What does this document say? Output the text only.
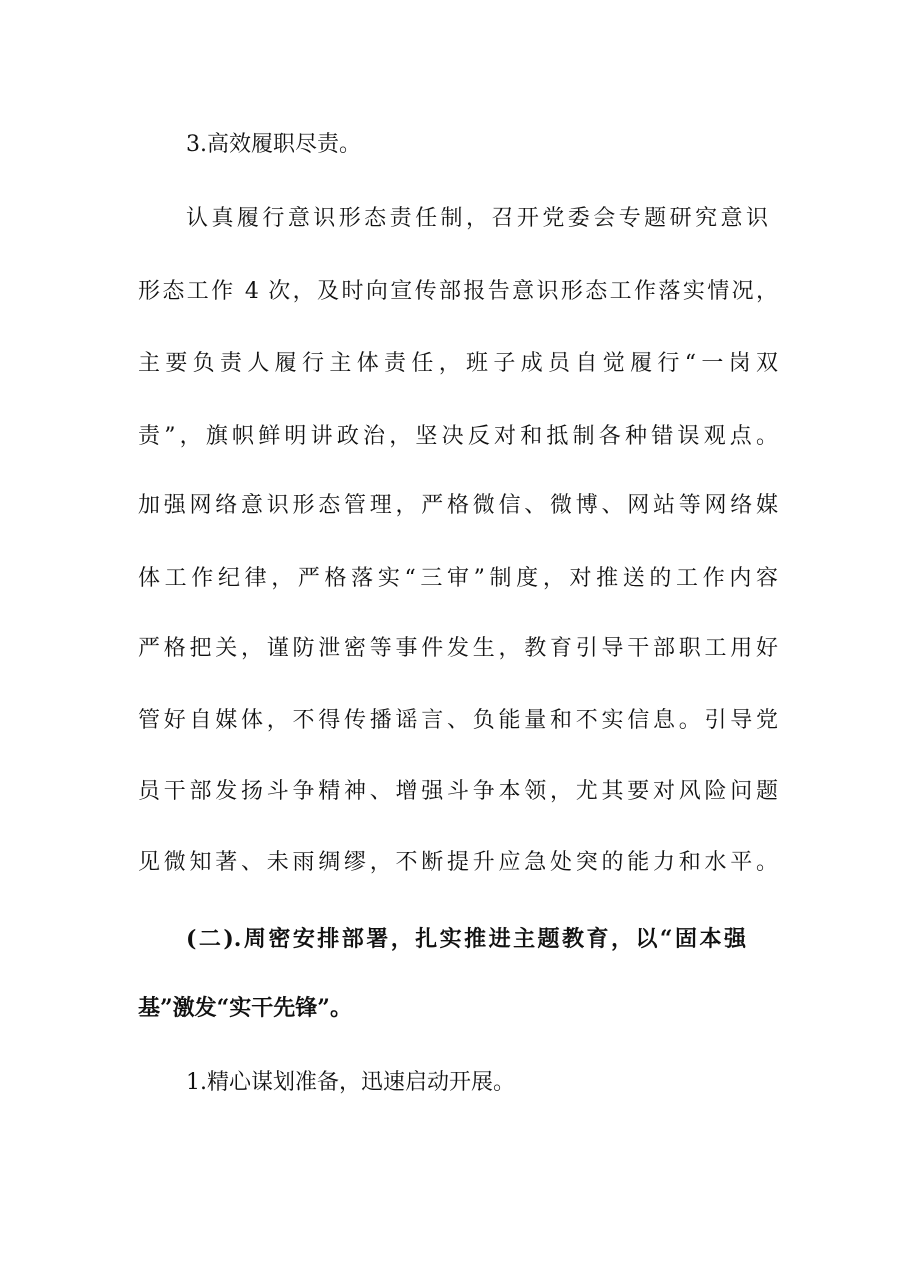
3.高效履职尽责。
认真履行意识形态责任制，召开党委会专题研究意识
形态工作 4 次，及时向宣传部报告意识形态工作落实情况，
主要负责人履行主体责任，班子成员自觉履行“一岗双
责”，旗帜鲜明讲政治，坚决反对和抵制各种错误观点。
加强网络意识形态管理，严格微信、微博、网站等网络媒
体工作纪律，严格落实“三审”制度，对推送的工作内容
严格把关，谨防泄密等事件发生，教育引导干部职工用好
管好自媒体，不得传播谣言、负能量和不实信息。引导党
员干部发扬斗争精神、增强斗争本领，尤其要对风险问题
见微知著、未雨绸缪，不断提升应急处突的能力和水平。
(二).周密安排部署，扎实推进主题教育，以“固本强
基”激发“实干先锋”。
1.精心谋划准备，迅速启动开展。
